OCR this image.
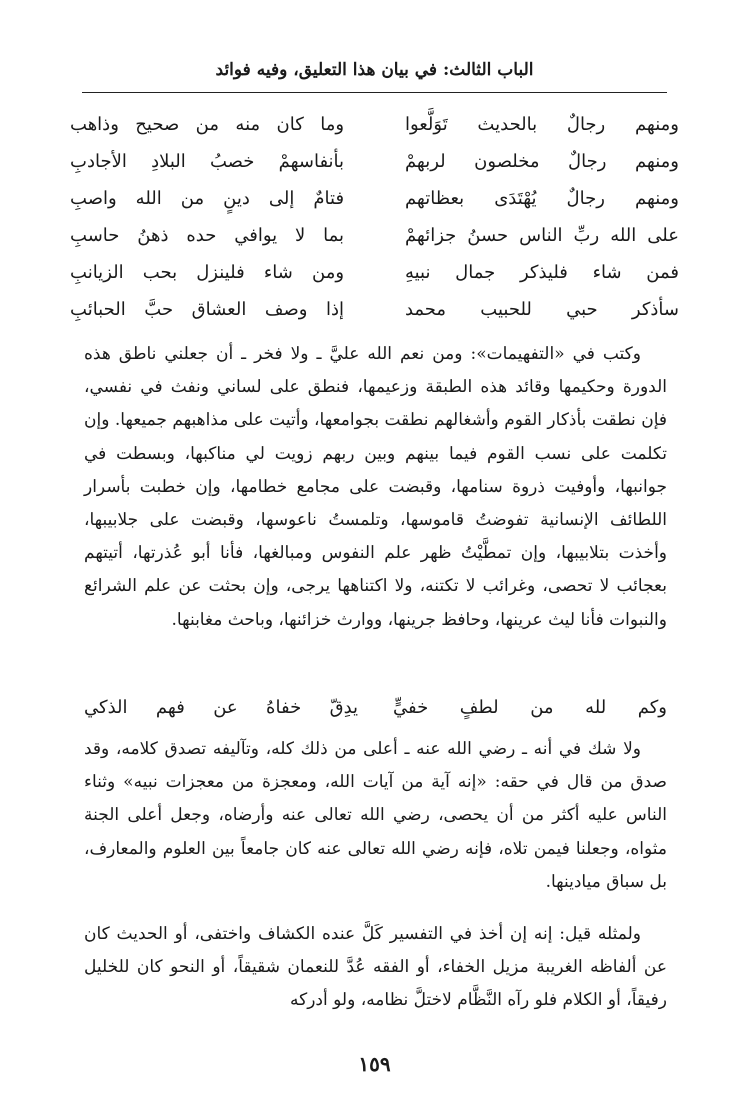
الباب الثالث: في بيان هذا التعليق، وفيه فوائد
ومنهم رجالٌ بالحديث تَوَلَّعوا
وما كان منه من صحيح وذاهب
ومنهم رجالٌ مخلصون لربهمْ
بأنفاسهمْ خصبُ البلادِ الأجادبِ
ومنهم رجالٌ يُهْتَدَى بعظاتهم
فتامٌ إلى دينٍ من الله واصبِ
على الله ربِّ الناس حسنُ جزائهمْ
بما لا يوافي حده ذهنُ حاسبِ
فمن شاء فليذكر جمال نبيهِ
ومن شاء فلينزل بحب الزيانبِ
سأذكر حبي للحبيب محمد
إذا وصف العشاق حبَّ الحبائبِ

وكتب في «التفهيمات»: ومن نعم الله عليَّ ـ ولا فخر ـ أن جعلني ناطق هذه الدورة وحكيمها وقائد هذه الطبقة وزعيمها، فنطق على لساني ونفث في نفسي، فإن نطقت بأذكار القوم وأشغالهم نطقت بجوامعها، وأتيت على مذاهبهم جميعها. وإن تكلمت على نسب القوم فيما بينهم وبين ربهم زويت لي مناكبها، وبسطت في جوانبها، وأوفيت ذروة سنامها، وقبضت على مجامع خطامها، وإن خطبت بأسرار اللطائف الإنسانية تفوضتُ قاموسها، وتلمستُ ناعوسها، وقبضت على جلابيبها، وأخذت بتلابيبها، وإن تمطَّيْتُ ظهر علم النفوس ومبالغها، فأنا أبو عُذرتها، أتيتهم بعجائب لا تحصى، وغرائب لا تكتنه، ولا اكتناهها يرجى، وإن بحثت عن علم الشرائع والنبوات فأنا ليث عرينها، وحافظ جرينها، ووارث خزائنها، وباحث مغابنها.

وكم لله من لطفٍ خفيٍّ
يدِقّ خفاهُ عن فهم الذكي

ولا شك في أنه ـ رضي الله عنه ـ أعلى من ذلك كله، وتآليفه تصدق كلامه، وقد صدق من قال في حقه: «إنه آية من آيات الله، ومعجزة من معجزات نبيه» وثناء الناس عليه أكثر من أن يحصى، رضي الله تعالى عنه وأرضاه، وجعل أعلى الجنة مثواه، وجعلنا فيمن تلاه، فإنه رضي الله تعالى عنه كان جامعاً بين العلوم والمعارف، بل سباق ميادينها.

ولمثله قيل: إنه إن أخذ في التفسير كَلَّ عنده الكشاف واختفى، أو الحديث كان عن ألفاظه الغريبة مزيل الخفاء، أو الفقه عُدَّ للنعمان شقيقاً، أو النحو كان للخليل رفيقاً، أو الكلام فلو رآه النَّظَّام لاختلَّ نظامه، ولو أدركه

١٥٩
